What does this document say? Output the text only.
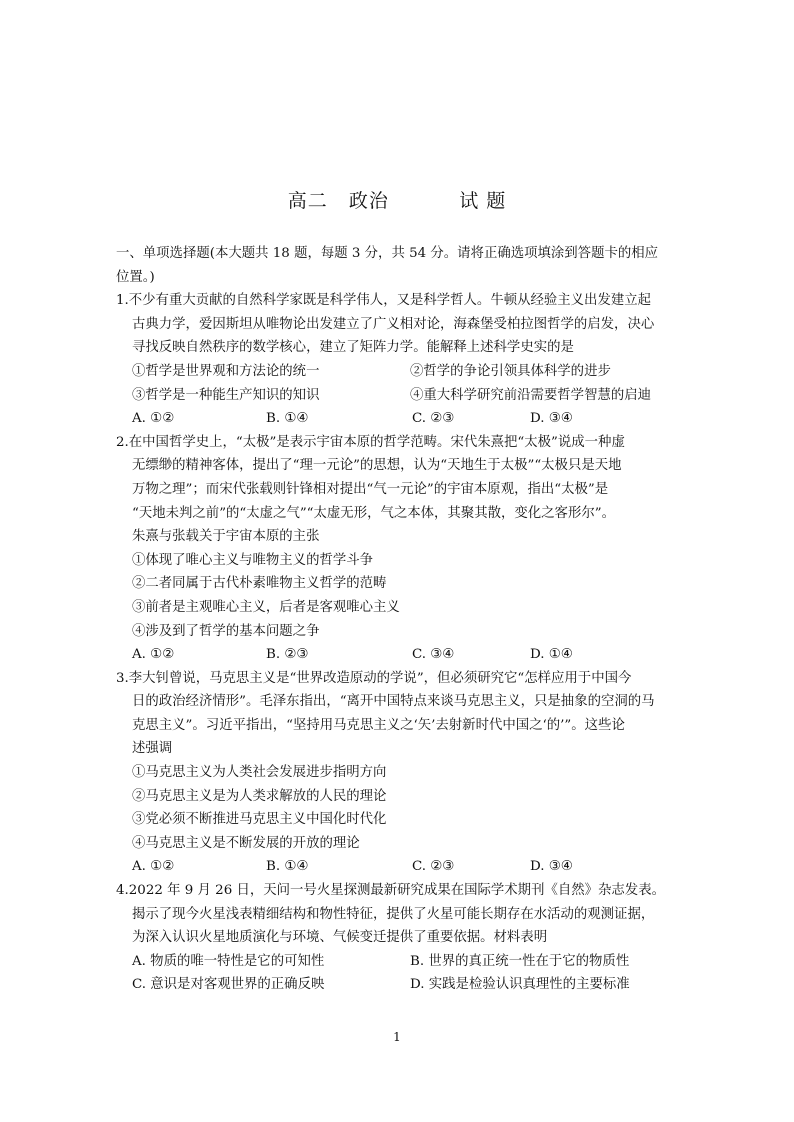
高二   政治          试 题
一、单项选择题(本大题共 18 题，每题 3 分，共 54 分。请将正确选项填涂到答题卡的相应
位置。)
1.不少有重大贡献的自然科学家既是科学伟人，又是科学哲人。牛顿从经验主义出发建立起
古典力学，爱因斯坦从唯物论出发建立了广义相对论，海森堡受柏拉图哲学的启发，决心
寻找反映自然秩序的数学核心，建立了矩阵力学。能解释上述科学史实的是
①哲学是世界观和方法论的统一	②哲学的争论引领具体科学的进步
③哲学是一种能生产知识的知识	④重大科学研究前沿需要哲学智慧的启迪
A. ①②	B. ①④	C. ②③	D. ③④
2.在中国哲学史上，“太极”是表示宇宙本原的哲学范畴。宋代朱熹把“太极”说成一种虚
无缥缈的精神客体，提出了“理一元论”的思想，认为“天地生于太极”“太极只是天地
万物之理”；而宋代张载则针锋相对提出“气一元论”的宇宙本原观，指出“太极”是
“天地未判之前”的“太虚之气”“太虚无形，气之本体，其聚其散，变化之客形尔”。
朱熹与张载关于宇宙本原的主张
①体现了唯心主义与唯物主义的哲学斗争
②二者同属于古代朴素唯物主义哲学的范畴
③前者是主观唯心主义，后者是客观唯心主义
④涉及到了哲学的基本问题之争
A. ①②	B. ②③	C. ③④	D. ①④
3.李大钊曾说，马克思主义是“世界改造原动的学说”，但必须研究它“怎样应用于中国今
日的政治经济情形”。毛泽东指出，“离开中国特点来谈马克思主义，只是抽象的空洞的马
克思主义”。习近平指出，“坚持用马克思主义之‘矢’去射新时代中国之‘的’”。这些论
述强调
①马克思主义为人类社会发展进步指明方向
②马克思主义是为人类求解放的人民的理论
③党必须不断推进马克思主义中国化时代化
④马克思主义是不断发展的开放的理论
A. ①②	B. ①④	C. ②③	D. ③④
4.2022 年 9 月 26 日，天问一号火星探测最新研究成果在国际学术期刊《自然》杂志发表。
揭示了现今火星浅表精细结构和物性特征，提供了火星可能长期存在水活动的观测证据，
为深入认识火星地质演化与环境、气候变迁提供了重要依据。材料表明
A. 物质的唯一特性是它的可知性	B. 世界的真正统一性在于它的物质性
C. 意识是对客观世界的正确反映	D. 实践是检验认识真理性的主要标准
1
